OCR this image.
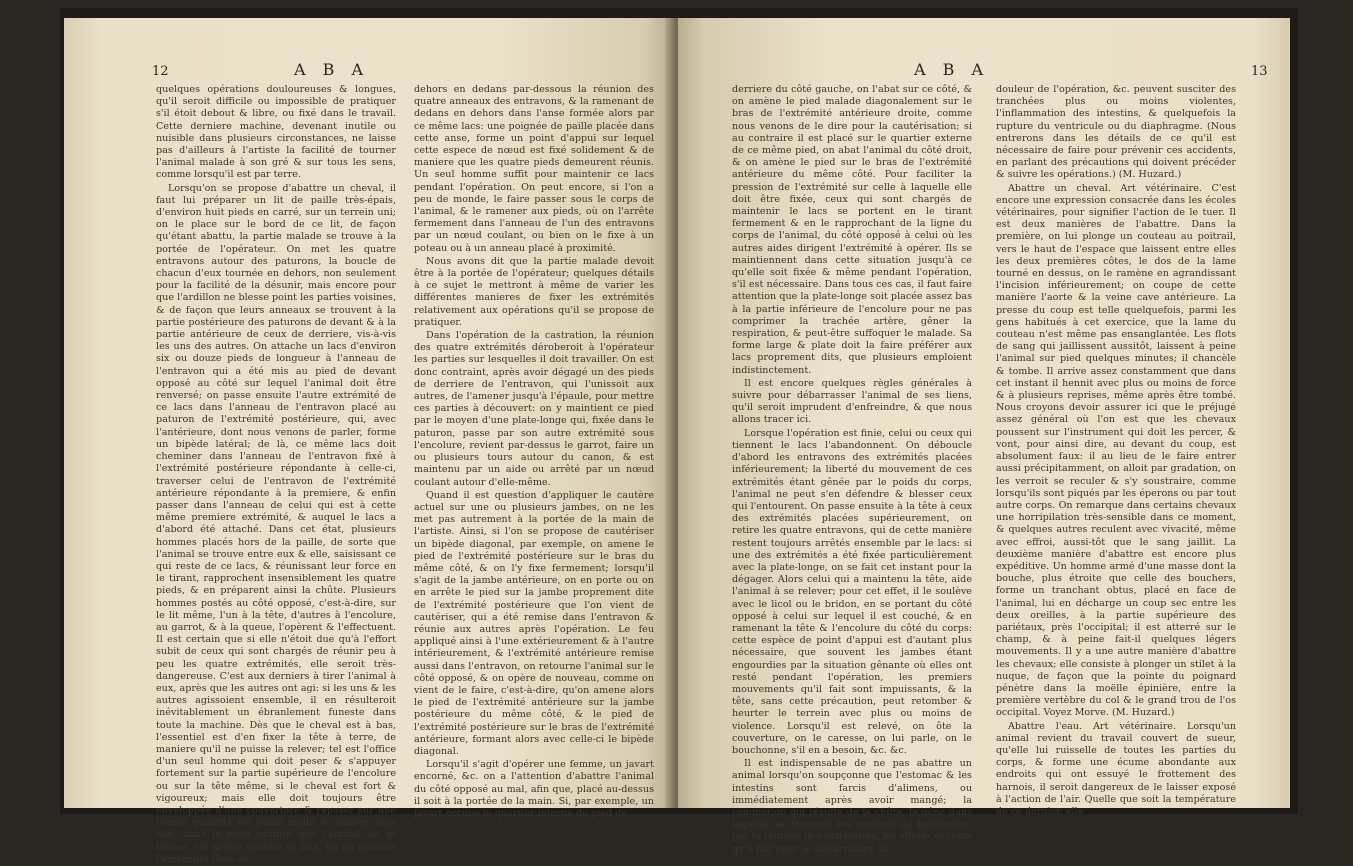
12	A B A

quelques opérations douloureuses & longues, qu'il seroit difficile ou impossible de pratiquer s'il étoit debout & libre, ou fixé dans le travail. Cette derniere machine, devenant inutile ou nuisible dans plusieurs circonstances, ne laisse pas d'ailleurs à l'artiste la facilité de tourner l'animal malade à son gré & sur tous les sens, comme lorsqu'il est par terre.

Lorsqu'on se propose d'abattre un cheval, il faut lui préparer un lit de paille très-épais, d'environ huit pieds en carré, sur un terrein uni; on le place sur le bord de ce lit, de façon qu'étant abattu, la partie malade se trouve à la portée de l'opérateur. On met les quatre entravons autour des paturons, la boucle de chacun d'eux tournée en dehors, non seulement pour la facilité de la désunir, mais encore pour que l'ardillon ne blesse point les parties voisines, & de façon que leurs anneaux se trouvent à la partie postérieure des paturons de devant & à la partie antérieure de ceux de derriere, vis-à-vis les uns des autres. On attache un lacs d'environ six ou douze pieds de longueur à l'anneau de l'entravon qui a été mis au pied de devant opposé au côté sur lequel l'animal doit être renversé; on passe ensuite l'autre extrémité de ce lacs dans l'anneau de l'entravon placé au paturon de l'extrémité postérieure, qui, avec l'antérieure, dont nous venons de parler, forme un bipède latéral; de là, ce même lacs doit cheminer dans l'anneau de l'entravon fixé à l'extrémité postérieure répondante à celle-ci, traverser celui de l'entravon de l'extrémité antérieure répondante à la premiere, & enfin passer dans l'anneau de celui qui est à cette même premiere extrémité, & auquel le lacs a d'abord été attaché. Dans cet état, plusieurs hommes placés hors de la paille, de sorte que l'animal se trouve entre eux & elle, saisissant ce qui reste de ce lacs, & réunissant leur force en le tirant, rapprochent insensiblement les quatre pieds, & en préparent ainsi la chûte. Plusieurs hommes postés au côté opposé, c'est-à-dire, sur le lit même, l'un à la tête, d'autres à l'encolure, au garrot, & à la queue, l'opèrent & l'effectuent. Il est certain que si elle n'étoit due qu'à l'effort subit de ceux qui sont chargés de réunir peu à peu les quatre extrémités, elle seroit très-dangereuse. C'est aux derniers à tirer l'animal à eux, après que les autres ont agi: si les uns & les autres agissoient ensemble, il en résulteroit inévitablement un ébranlement funeste dans toute la machine. Dès que le cheval est à bas, l'essentiel est d'en fixer la tête à terre, de maniere qu'il ne puisse la relever; tel est l'office d'un seul homme qui doit peser & s'appuyer fortement sur la partie supérieure de l'encolure ou sur la tête même, si le cheval est fort & vigoureux; mais elle doit toujours être enveloppée d'une couverture & reposer sur une bonne quantité de paille molle & glissée sous elle, dans la juste crainte que l'animal ne se blesse. On arrête ensuite le lacs, en en passant l'extrémité libre de

dehors en dedans par-dessous la réunion des quatre anneaux des entravons, & la ramenant de dedans en dehors dans l'anse formée alors par ce même lacs: une poignée de paille placée dans cette anse, forme un point d'appui sur lequel cette espece de nœud est fixé solidement & de maniere que les quatre pieds demeurent réunis. Un seul homme suffit pour maintenir ce lacs pendant l'opération. On peut encore, si l'on a peu de monde, le faire passer sous le corps de l'animal, & le ramener aux pieds, où on l'arrête fermement dans l'anneau de l'un des entravons par un nœud coulant, ou bien on le fixe à un poteau ou à un anneau placé à proximité.

Nous avons dit que la partie malade devoit être à la portée de l'opérateur; quelques détails à ce sujet le mettront à même de varier les différentes manieres de fixer les extrémités relativement aux opérations qu'il se propose de pratiquer.

Dans l'opération de la castration, la réunion des quatre extrémités déroberoit à l'opérateur les parties sur lesquelles il doit travailler. On est donc contraint, après avoir dégagé un des pieds de derriere de l'entravon, qui l'unissoit aux autres, de l'amener jusqu'à l'épaule, pour mettre ces parties à découvert: on y maintient ce pied par le moyen d'une plate-longe qui, fixée dans le paturon, passe par son autre extrémité sous l'encolure, revient par-dessus le garrot, faire un ou plusieurs tours autour du canon, & est maintenu par un aide ou arrêté par un nœud coulant autour d'elle-même.

Quand il est question d'appliquer le cautère actuel sur une ou plusieurs jambes, on ne les met pas autrement à la portée de la main de l'artiste. Ainsi, si l'on se propose de cautériser un bipède diagonal, par exemple, on amene le pied de l'extrémité postérieure sur le bras du même côté, & on l'y fixe fermement; lorsqu'il s'agit de la jambe antérieure, on en porte ou on en arrête le pied sur la jambe proprement dite de l'extrémité postérieure que l'on vient de cautériser, qui a été remise dans l'entravon & réunie aux autres après l'opération. Le feu appliqué ainsi à l'une extérieurement & à l'autre intérieurement, & l'extrémité antérieure remise aussi dans l'entravon, on retourne l'animal sur le côté opposé, & on opère de nouveau, comme on vient de le faire, c'est-à-dire, qu'on amene alors le pied de l'extrémité antérieure sur la jambe postérieure du même côté, & le pied de l'extrémité postérieure sur le bras de l'extrémité antérieure, formant alors avec celle-ci le bipède diagonal.

Lorsqu'il s'agit d'opérer une femme, un javart encorné, &c. on a l'attention d'abattre l'animal du côté opposé au mal, afin que, placé au-dessus il soit à la portée de la main. Si, par exemple, un javart occupe le quartier interne du pied de

A B A	13

derriere du côté gauche, on l'abat sur ce côté, & on amène le pied malade diagonalement sur le bras de l'extrémité antérieure droite, comme nous venons de le dire pour la cautérisation; si au contraire il est placé sur le quartier externe de ce même pied, on abat l'animal du côté droit, & on amène le pied sur le bras de l'extrémité antérieure du même côté. Pour faciliter la pression de l'extrémité sur celle à laquelle elle doit être fixée, ceux qui sont chargés de maintenir le lacs se portent en le tirant fermement & en le rapprochant de la ligne du corps de l'animal, du côté opposé à celui où les autres aides dirigent l'extrémité à opérer. Ils se maintiennent dans cette situation jusqu'à ce qu'elle soit fixée & même pendant l'opération, s'il est nécessaire. Dans tous ces cas, il faut faire attention que la plate-longe soit placée assez bas à la partie inférieure de l'encolure pour ne pas comprimer la trachée artère, gêner la respiration, & peut-être suffoquer le malade. Sa forme large & plate doit la faire préférer aux lacs proprement dits, que plusieurs emploient indistinctement.

Il est encore quelques règles générales à suivre pour débarrasser l'animal de ses liens, qu'il seroit imprudent d'enfreindre, & que nous allons tracer ici.

Lorsque l'opération est finie, celui ou ceux qui tiennent le lacs l'abandonnent. On déboucle d'abord les entravons des extrémités placées inférieurement; la liberté du mouvement de ces extrémités étant gênée par le poids du corps, l'animal ne peut s'en défendre & blesser ceux qui l'entourent. On passe ensuite à la tête à ceux des extrémités placées supérieurement, on retire les quatre entravons, qui de cette manière restent toujours arrêtés ensemble par le lacs: si une des extrémités a été fixée particulièrement avec la plate-longe, on se fait cet instant pour la dégager. Alors celui qui a maintenu la tête, aide l'animal à se relever; pour cet effet, il le soulève avec le licol ou le bridon, en se portant du côté opposé à celui sur lequel il est couché, & en ramenant la tête & l'encolure du côté du corps: cette espèce de point d'appui est d'autant plus nécessaire, que souvent les jambes étant engourdies par la situation gênante où elles ont resté pendant l'opération, les premiers mouvements qu'il fait sont impuissants, & la tête, sans cette précaution, peut retomber & heurter le terrein avec plus ou moins de violence. Lorsqu'il est relevé, on ôte la couverture, on le caresse, on lui parle, on le bouchonne, s'il en a besoin, &c. &c.

Il est indispensable de ne pas abattre un animal lorsqu'on soupçonne que l'estomac & les intestins sont farcis d'alimens, ou immédiatement après avoir mangé; la commotion qui résulte de la chûte, la gêne dans laquelle se trouvent les viscères du bas-ventre, par la réunion des extrémités, les efforts violents qu'il fait pour se débarrasser, la

douleur de l'opération, &c. peuvent susciter des tranchées plus ou moins violentes, l'inflammation des intestins, & quelquefois la rupture du ventricule ou du diaphragme. (Nous entrerons dans les détails de ce qu'il est nécessaire de faire pour prévenir ces accidents, en parlant des précautions qui doivent précéder & suivre les opérations.) (M. Huzard.)

Abattre un cheval. Art vétérinaire. C'est encore une expression consacrée dans les écoles vétérinaires, pour signifier l'action de le tuer. Il est deux manières de l'abattre. Dans la première, on lui plonge un couteau au poitrail, vers le haut de l'espace que laissent entre elles les deux premières côtes, le dos de la lame tourné en dessus, on le ramène en agrandissant l'incision inférieurement; on coupe de cette manière l'aorte & la veine cave antérieure. La presse du coup est telle quelquefois, parmi les gens habitués à cet exercice, que la lame du couteau n'est même pas ensanglantée. Les flots de sang qui jaillissent aussitôt, laissent à peine l'animal sur pied quelques minutes; il chancèle & tombe. Il arrive assez constamment que dans cet instant il hennit avec plus ou moins de force & à plusieurs reprises, même après être tombé. Nous croyons devoir assurer ici que le préjugé assez général où l'on est que les chevaux poussent sur l'instrument qui doit les percer, & vont, pour ainsi dire, au devant du coup, est absolument faux: il au lieu de le faire entrer aussi précipitamment, on alloit par gradation, on les verroit se reculer & s'y soustraire, comme lorsqu'ils sont piqués par les éperons ou par tout autre corps. On remarque dans certains chevaux une horripilation très-sensible dans ce moment, & quelques autres reculent avec vivacité, même avec effroi, aussi-tôt que le sang jaillit. La deuxième manière d'abattre est encore plus expéditive. Un homme armé d'une masse dont la bouche, plus étroite que celle des bouchers, forme un tranchant obtus, placé en face de l'animal, lui en décharge un coup sec entre les deux oreilles, à la partie supérieure des pariétaux, près l'occipital; il est atterré sur le champ, & à peine fait-il quelques légers mouvements. Il y a une autre manière d'abattre les chevaux; elle consiste à plonger un stilet à la nuque, de façon que la pointe du poignard pénètre dans la moëlle épinière, entre la première vertèbre du col & le grand trou de l'os occipital. Voyez Morve. (M. Huzard.)

Abattre l'eau. Art vétérinaire. Lorsqu'un animal revient du travail couvert de sueur, qu'elle lui ruisselle de toutes les parties du corps, & forme une écume abondante aux endroits qui ont essuyé le frottement des harnois, il seroit dangereux de le laisser exposé à l'action de l'air. Quelle que soit la température de ce dernier, elle
